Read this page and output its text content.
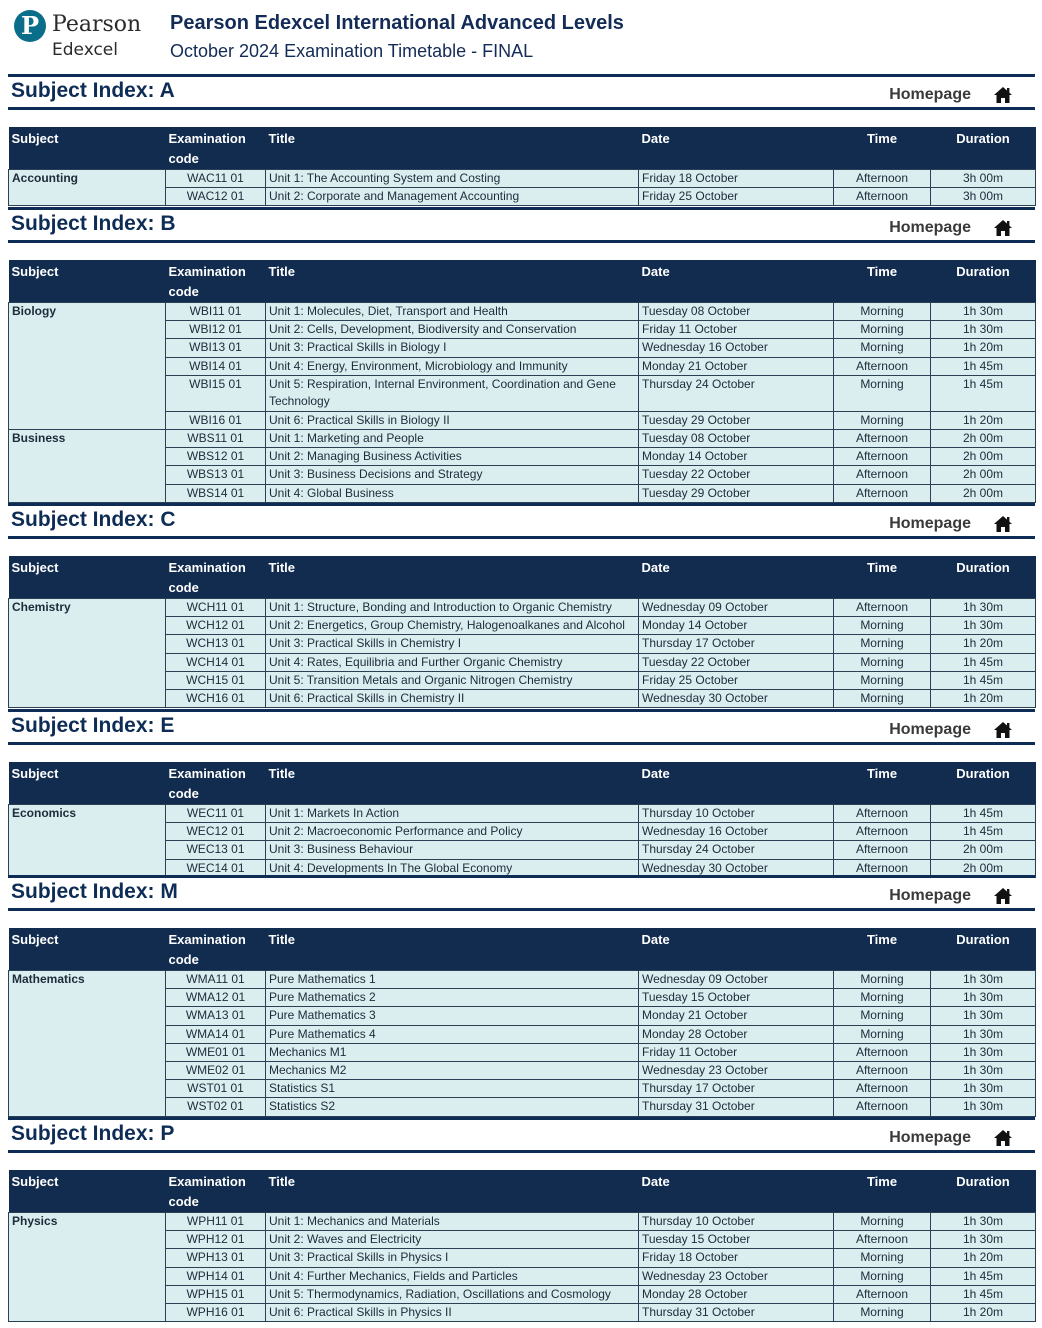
P Pearson
Edexcel
Pearson Edexcel International Advanced Levels
October 2024 Examination Timetable - FINAL
Subject Index: A	Homepage
Subject	Examination code	Title	Date	Time	Duration
Accounting	WAC11 01	Unit 1: The Accounting System and Costing	Friday 18 October	Afternoon	3h 00m
	WAC12 01	Unit 2: Corporate and Management Accounting	Friday 25 October	Afternoon	3h 00m
Subject Index: B	Homepage
Subject	Examination code	Title	Date	Time	Duration
Biology	WBI11 01	Unit 1: Molecules, Diet, Transport and Health	Tuesday 08 October	Morning	1h 30m
	WBI12 01	Unit 2: Cells, Development, Biodiversity and Conservation	Friday 11 October	Morning	1h 30m
	WBI13 01	Unit 3: Practical Skills in Biology I	Wednesday 16 October	Morning	1h 20m
	WBI14 01	Unit 4: Energy, Environment, Microbiology and Immunity	Monday 21 October	Afternoon	1h 45m
	WBI15 01	Unit 5: Respiration, Internal Environment, Coordination and Gene Technology	Thursday 24 October	Morning	1h 45m
	WBI16 01	Unit 6: Practical Skills in Biology II	Tuesday 29 October	Morning	1h 20m
Business	WBS11 01	Unit 1: Marketing and People	Tuesday 08 October	Afternoon	2h 00m
	WBS12 01	Unit 2: Managing Business Activities	Monday 14 October	Afternoon	2h 00m
	WBS13 01	Unit 3: Business Decisions and Strategy	Tuesday 22 October	Afternoon	2h 00m
	WBS14 01	Unit 4: Global Business	Tuesday 29 October	Afternoon	2h 00m
Subject Index: C	Homepage
Subject	Examination code	Title	Date	Time	Duration
Chemistry	WCH11 01	Unit 1: Structure, Bonding and Introduction to Organic Chemistry	Wednesday 09 October	Afternoon	1h 30m
	WCH12 01	Unit 2: Energetics, Group Chemistry, Halogenoalkanes and Alcohol	Monday 14 October	Morning	1h 30m
	WCH13 01	Unit 3: Practical Skills in Chemistry I	Thursday 17 October	Morning	1h 20m
	WCH14 01	Unit 4: Rates, Equilibria and Further Organic Chemistry	Tuesday 22 October	Morning	1h 45m
	WCH15 01	Unit 5: Transition Metals and Organic Nitrogen Chemistry	Friday 25 October	Morning	1h 45m
	WCH16 01	Unit 6: Practical Skills in Chemistry II	Wednesday 30 October	Morning	1h 20m
Subject Index: E	Homepage
Subject	Examination code	Title	Date	Time	Duration
Economics	WEC11 01	Unit 1: Markets In Action	Thursday 10 October	Afternoon	1h 45m
	WEC12 01	Unit 2: Macroeconomic Performance and Policy	Wednesday 16 October	Afternoon	1h 45m
	WEC13 01	Unit 3: Business Behaviour	Thursday 24 October	Afternoon	2h 00m
	WEC14 01	Unit 4: Developments In The Global Economy	Wednesday 30 October	Afternoon	2h 00m
Subject Index: M	Homepage
Subject	Examination code	Title	Date	Time	Duration
Mathematics	WMA11 01	Pure Mathematics 1	Wednesday 09 October	Morning	1h 30m
	WMA12 01	Pure Mathematics 2	Tuesday 15 October	Morning	1h 30m
	WMA13 01	Pure Mathematics 3	Monday 21 October	Morning	1h 30m
	WMA14 01	Pure Mathematics 4	Monday 28 October	Morning	1h 30m
	WME01 01	Mechanics M1	Friday 11 October	Afternoon	1h 30m
	WME02 01	Mechanics M2	Wednesday 23 October	Afternoon	1h 30m
	WST01 01	Statistics S1	Thursday 17 October	Afternoon	1h 30m
	WST02 01	Statistics S2	Thursday 31 October	Afternoon	1h 30m
Subject Index: P	Homepage
Subject	Examination code	Title	Date	Time	Duration
Physics	WPH11 01	Unit 1: Mechanics and Materials	Thursday 10 October	Morning	1h 30m
	WPH12 01	Unit 2: Waves and Electricity	Tuesday 15 October	Afternoon	1h 30m
	WPH13 01	Unit 3: Practical Skills in Physics I	Friday 18 October	Morning	1h 20m
	WPH14 01	Unit 4: Further Mechanics, Fields and Particles	Wednesday 23 October	Morning	1h 45m
	WPH15 01	Unit 5: Thermodynamics, Radiation, Oscillations and Cosmology	Monday 28 October	Afternoon	1h 45m
	WPH16 01	Unit 6: Practical Skills in Physics II	Thursday 31 October	Morning	1h 20m
